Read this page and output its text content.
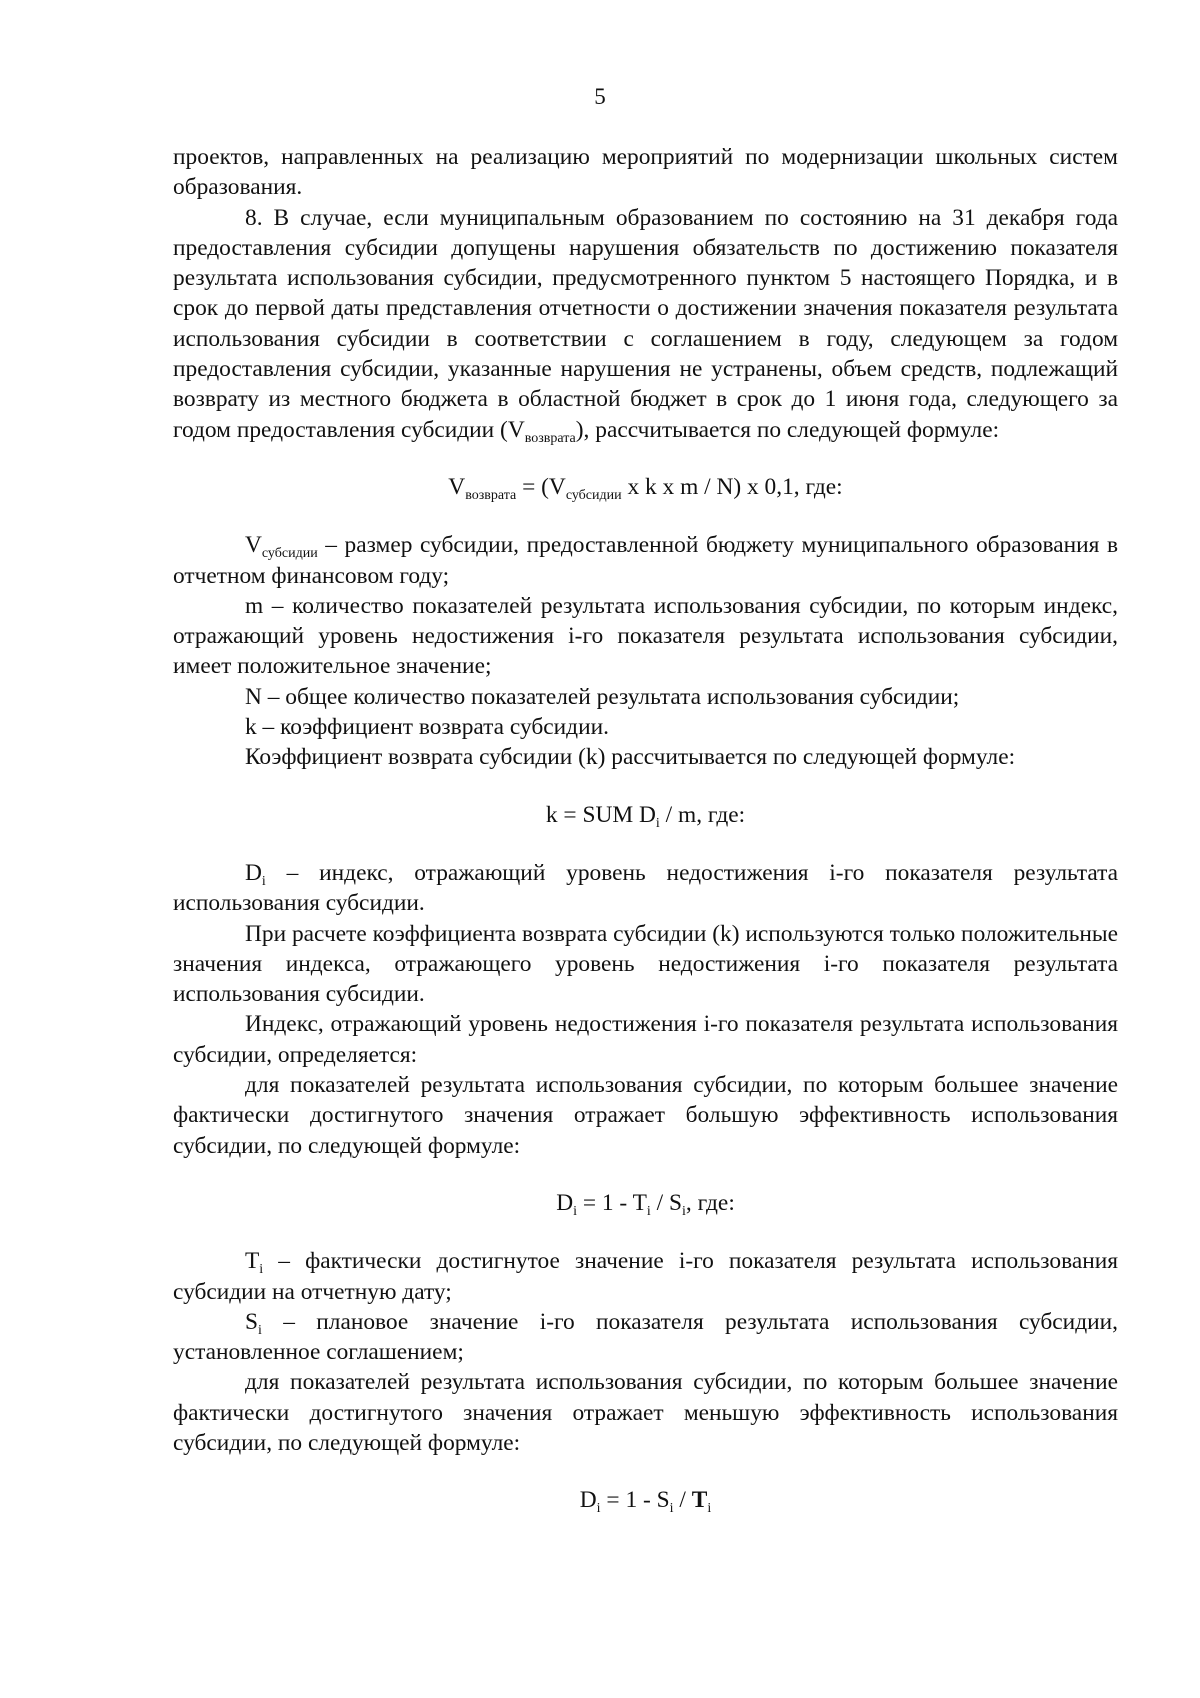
5

проектов, направленных на реализацию мероприятий по модернизации школьных систем образования.

8. В случае, если муниципальным образованием по состоянию на 31 декабря года предоставления субсидии допущены нарушения обязательств по достижению показателя результата использования субсидии, предусмотренного пунктом 5 настоящего Порядка, и в срок до первой даты представления отчетности о достижении значения показателя результата использования субсидии в соответствии с соглашением в году, следующем за годом предоставления субсидии, указанные нарушения не устранены, объем средств, подлежащий возврату из местного бюджета в областной бюджет в срок до 1 июня года, следующего за годом предоставления субсидии $(V_{возврата})$, рассчитывается по следующей формуле:

$V_{возврата} = (V_{субсидии}$ x k x m / N) x 0,1, где:

$V_{субсидии}$ – размер субсидии, предоставленной бюджету муниципального образования в отчетном финансовом году;

m – количество показателей результата использования субсидии, по которым индекс, отражающий уровень недостижения i-го показателя результата использования субсидии, имеет положительное значение;

N – общее количество показателей результата использования субсидии;

k – коэффициент возврата субсидии.

Коэффициент возврата субсидии (k) рассчитывается по следующей формуле:

k = SUM $D_i$ / m, где:

$D_i$ – индекс, отражающий уровень недостижения i-го показателя результата использования субсидии.

При расчете коэффициента возврата субсидии (k) используются только положительные значения индекса, отражающего уровень недостижения i-го показателя результата использования субсидии.

Индекс, отражающий уровень недостижения i-го показателя результата использования субсидии, определяется:

для показателей результата использования субсидии, по которым большее значение фактически достигнутого значения отражает большую эффективность использования субсидии, по следующей формуле:

$D_i = 1 - T_i / S_i$, где:

$T_i$ – фактически достигнутое значение i-го показателя результата использования субсидии на отчетную дату;

$S_i$ – плановое значение i-го показателя результата использования субсидии, установленное соглашением;

для показателей результата использования субсидии, по которым большее значение фактически достигнутого значения отражает меньшую эффективность использования субсидии, по следующей формуле:

$D_i = 1 - S_i / T_i$
